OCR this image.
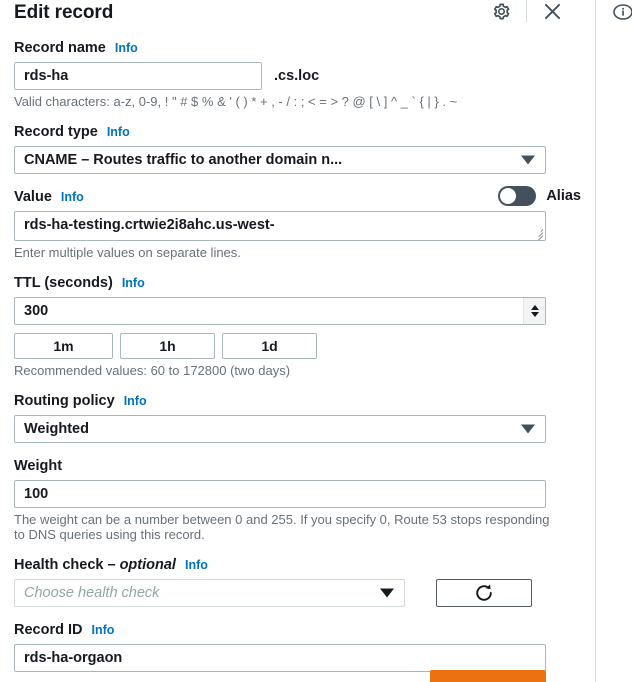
Edit record
Record name Info
rds-ha	.cs.loc
Valid characters: a-z, 0-9, ! " # $ % & ' ( ) * + , - / : ; < = > ? @ [ \ ] ^ _ ` { | } . ~
Record type Info
CNAME – Routes traffic to another domain n...
Value Info	Alias
rds-ha-testing.crtwie2i8ahc.us-west-
Enter multiple values on separate lines.
TTL (seconds) Info
300
1m	1h	1d
Recommended values: 60 to 172800 (two days)
Routing policy Info
Weighted
Weight
100
The weight can be a number between 0 and 255. If you specify 0, Route 53 stops responding to DNS queries using this record.
Health check – optional Info
Choose health check
Record ID Info
rds-ha-orgaon
